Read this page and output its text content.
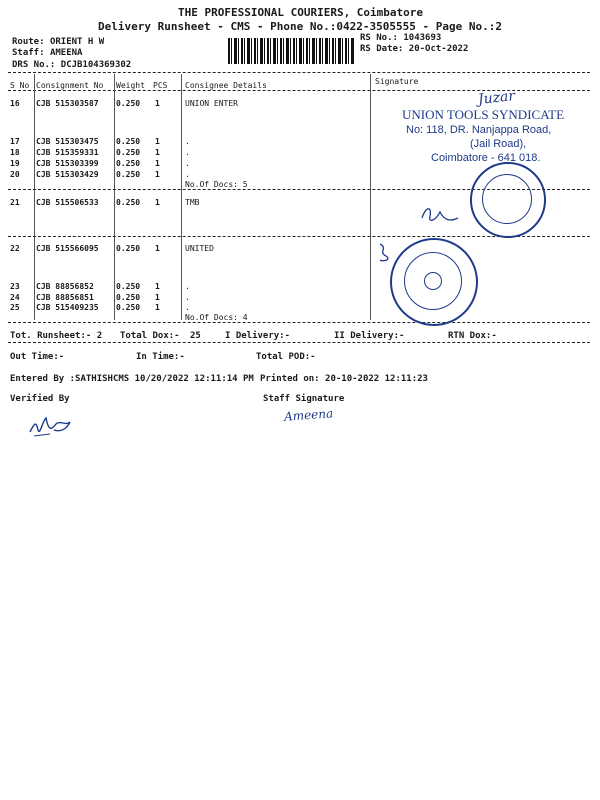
THE PROFESSIONAL COURIERS, Coimbatore
Delivery Runsheet - CMS - Phone No.:0422-3505555 - Page No.:2
Route: ORIENT H W
Staff: AMEENA
DRS No.: DCJB104369302
RS No.: 1043693
RS Date: 20-Oct-2022
S No Consignment No Weight PCS Consignee Details	Signature
16 CJB 515303587 0.250 1	UNION ENTER
17 CJB 515303475 0.250 1	.
18 CJB 515359331 0.250 1	.
19 CJB 515303399 0.250 1	.
20 CJB 515303429 0.250 1	.
No.Of Docs: 5
21 CJB 515506533 0.250 1	TMB
22 CJB 515566095 0.250 1	UNITED
23 CJB 88856852	0.250 1	.
24 CJB 88856851	0.250 1	.
25 CJB 515409235 0.250 1	.
No.Of Docs: 4
Tot. Runsheet:- 2 Total Dox:- 25	I Delivery:-	II Delivery:-	RTN Dox:-
Out Time:-	In Time:-	Total POD:-
Entered By :SATHISHCMS 10/20/2022 12:11:14 PM Printed on: 20-10-2022 12:11:23
Verified By	Staff Signature
Ameena
Juzar
UNION TOOLS SYNDICATE
No: 118, DR. Nanjappa Road,
(Jail Road),
Coimbatore - 641 018.
